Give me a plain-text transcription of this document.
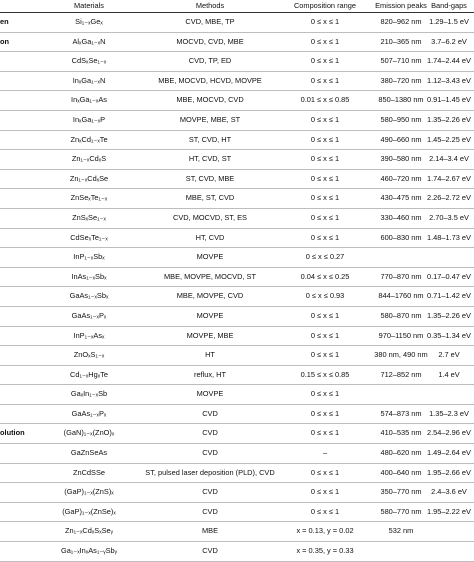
Materials	Methods	Composition range	Emission peaks Band-gaps
en	Si₁₋ₓGeₓ	CVD, MBE, TP	0 ≤ x ≤ 1	820–962 nm	1.29–1.5 eV
on	AlₓGa₁₋ₓN	MOCVD, CVD, MBE	0 ≤ x ≤ 1	210–365 nm	3.7–6.2 eV
CdSₓSe₁₋ₓ	CVD, TP, ED	0 ≤ x ≤ 1	507–710 nm 1.74–2.44 eV
InₓGa₁₋ₓN	MBE, MOCVD, HCVD, MOVPE	0 ≤ x ≤ 1	380–720 nm 1.12–3.43 eV
InₓGa₁₋ₓAs	MBE, MOCVD, CVD	0.01 ≤ x ≤ 0.85	850–1380 nm 0.91–1.45 eV
InₓGa₁₋ₓP	MOVPE, MBE, ST	0 ≤ x ≤ 1	580–950 nm 1.35–2.26 eV
ZnₓCd₁₋ₓTe	ST, CVD, HT	0 ≤ x ≤ 1	490–660 nm 1.45–2.25 eV
Zn₁₋ₓCdₓS	HT, CVD, ST	0 ≤ x ≤ 1	390–580 nm	2.14–3.4 eV
Zn₁₋ₓCdₓSe	ST, CVD, MBE	0 ≤ x ≤ 1	460–720 nm 1.74–2.67 eV
ZnSeₓTe₁₋ₓ	MBE, ST, CVD	0 ≤ x ≤ 1	430–475 nm 2.26–2.72 eV
ZnSₓSe₁₋ₓ	CVD, MOCVD, ST, ES	0 ≤ x ≤ 1	330–460 nm	2.70–3.5 eV
CdSeₓTe₁₋ₓ	HT, CVD	0 ≤ x ≤ 1	600–830 nm 1.48–1.73 eV
InP₁₋ₓSbₓ	MOVPE	0 ≤ x ≤ 0.27
InAs₁₋ₓSbₓ	MBE, MOVPE, MOCVD, ST	0.04 ≤ x ≤ 0.25	770–870 nm 0.17–0.47 eV
GaAs₁₋ₓSbₓ	MBE, MOVPE, CVD	0 ≤ x ≤ 0.93	844–1760 nm 0.71–1.42 eV
GaAs₁₋ₓPₓ	MOVPE	0 ≤ x ≤ 1	580–870 nm 1.35–2.26 eV
InP₁₋ₓAsₓ	MOVPE, MBE	0 ≤ x ≤ 1	970–1150 nm 0.35–1.34 eV
ZnOₓS₁₋ₓ	HT	0 ≤ x ≤ 1	380 nm, 490 nm	2.7 eV
Cd₁₋ₓHgₓTe	reflux, HT	0.15 ≤ x ≤ 0.85	712–852 nm	1.4 eV
GaₓIn₁₋ₓSb	MOVPE	0 ≤ x ≤ 1
GaAs₁₋ₓPₓ	CVD	0 ≤ x ≤ 1	574–873 nm	1.35–2.3 eV
olution	(GaN)₁₋ₓ(ZnO)ₓ	CVD	0 ≤ x ≤ 1	410–535 nm 2.54–2.96 eV
GaZnSeAs	CVD	–	480–620 nm 1.49–2.64 eV
ZnCdSSe	ST, pulsed laser deposition (PLD), CVD	0 ≤ x ≤ 1	400–640 nm 1.95–2.66 eV
(GaP)₁₋ₓ(ZnS)ₓ	CVD	0 ≤ x ≤ 1	350–770 nm	2.4–3.6 eV
(GaP)₁₋ₓ(ZnSe)ₓ	CVD	0 ≤ x ≤ 1	580–770 nm 1.95–2.22 eV
Zn₁₋ₓCdₓSₓSeᵧ	MBE	x = 0.13, y = 0.02	532 nm
Ga₁₋ₓInₓAs₁₋ᵧSbᵧ	CVD	x = 0.35, y = 0.33
